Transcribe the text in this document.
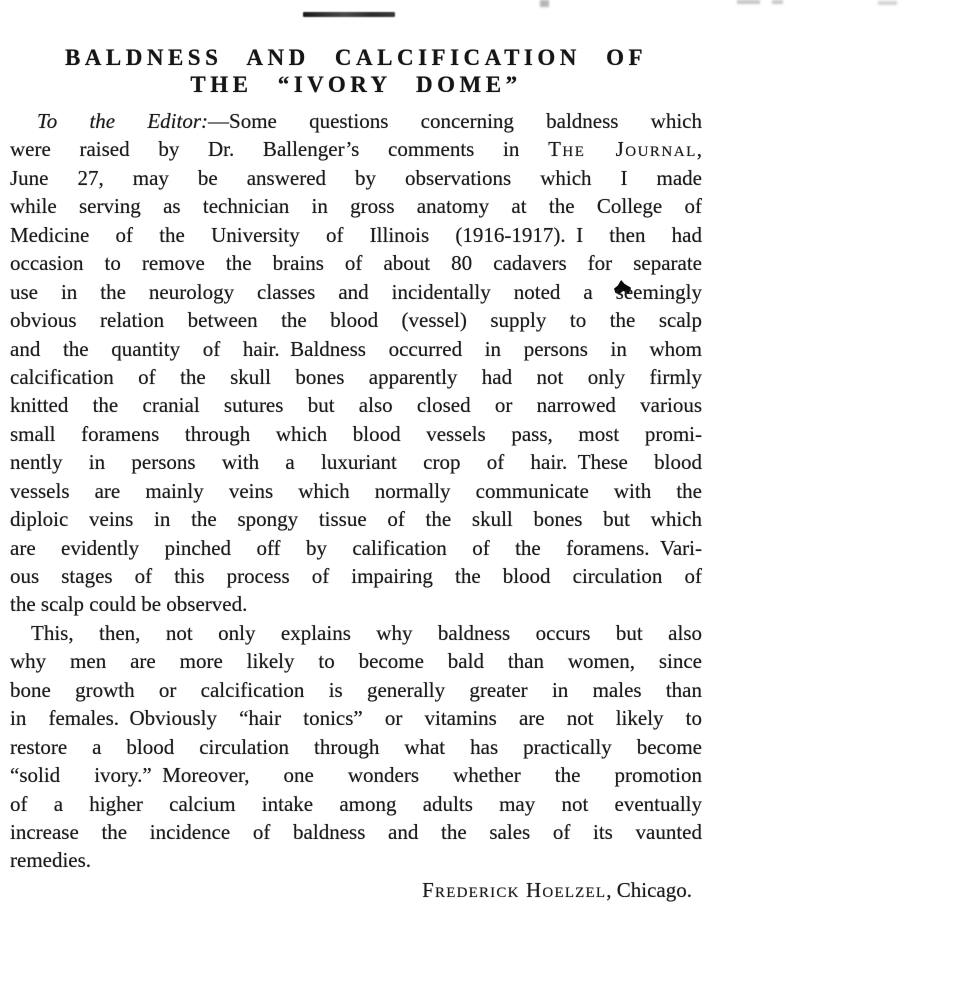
BALDNESS AND CALCIFICATION OF
THE “IVORY DOME”
To the Editor:—Some questions concerning baldness which
were raised by Dr. Ballenger’s comments in The Journal,
June 27, may be answered by observations which I made
while serving as technician in gross anatomy at the College of
Medicine of the University of Illinois (1916-1917). I then had
occasion to remove the brains of about 80 cadavers for separate
use in the neurology classes and incidentally noted a seemingly
obvious relation between the blood (vessel) supply to the scalp
and the quantity of hair. Baldness occurred in persons in whom
calcification of the skull bones apparently had not only firmly
knitted the cranial sutures but also closed or narrowed various
small foramens through which blood vessels pass, most promi-
nently in persons with a luxuriant crop of hair. These blood
vessels are mainly veins which normally communicate with the
diploic veins in the spongy tissue of the skull bones but which
are evidently pinched off by calification of the foramens. Vari-
ous stages of this process of impairing the blood circulation of
the scalp could be observed.
This, then, not only explains why baldness occurs but also
why men are more likely to become bald than women, since
bone growth or calcification is generally greater in males than
in females. Obviously “hair tonics” or vitamins are not likely to
restore a blood circulation through what has practically become
“solid ivory.” Moreover, one wonders whether the promotion
of a higher calcium intake among adults may not eventually
increase the incidence of baldness and the sales of its vaunted
remedies.
Frederick Hoelzel, Chicago.
